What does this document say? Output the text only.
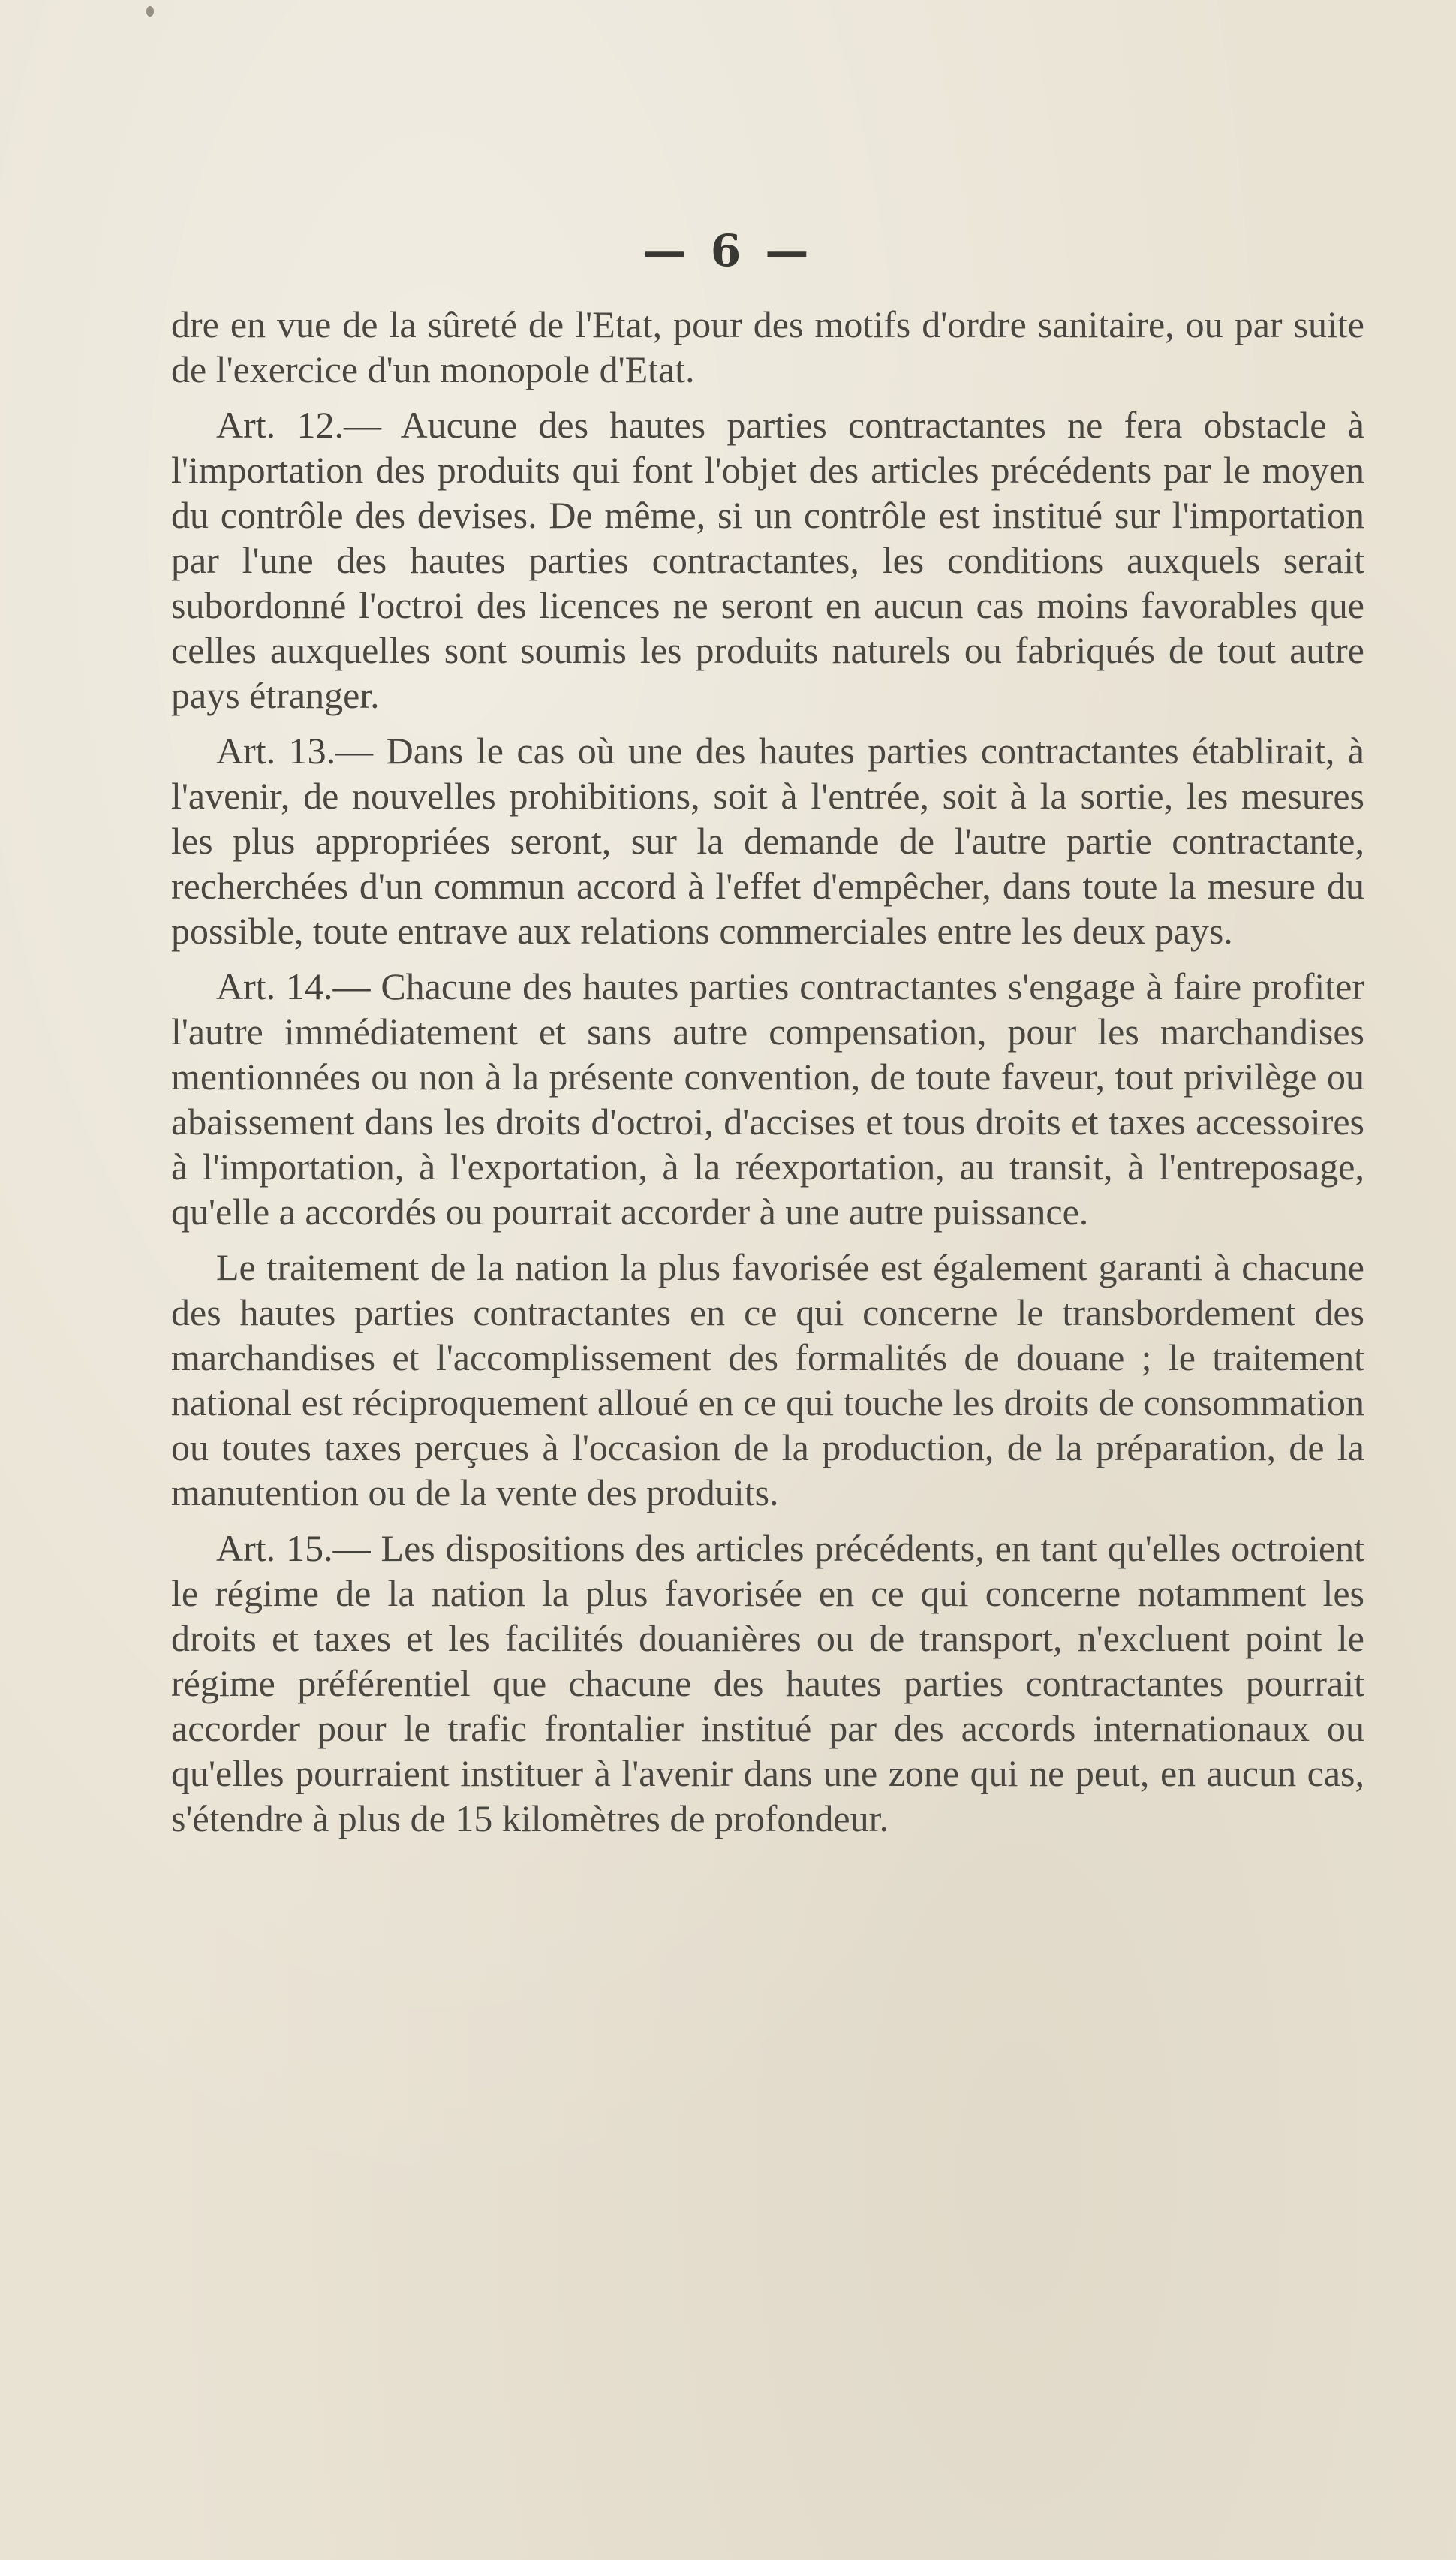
— 6 —

dre en vue de la sûreté de l'Etat, pour des motifs d'ordre sanitaire, ou par suite de l'exercice d'un monopole d'Etat.

Art. 12.— Aucune des hautes parties contractantes ne fera obstacle à l'importation des produits qui font l'objet des articles précédents par le moyen du contrôle des devises. De même, si un contrôle est institué sur l'importation par l'une des hautes parties contractantes, les conditions auxquels serait subordonné l'octroi des licences ne seront en aucun cas moins favorables que celles auxquelles sont soumis les produits naturels ou fabriqués de tout autre pays étranger.

Art. 13.— Dans le cas où une des hautes parties contractantes établirait, à l'avenir, de nouvelles prohibitions, soit à l'entrée, soit à la sortie, les mesures les plus appropriées seront, sur la demande de l'autre partie contractante, recherchées d'un commun accord à l'effet d'empêcher, dans toute la mesure du possible, toute entrave aux relations commerciales entre les deux pays.

Art. 14.— Chacune des hautes parties contractantes s'engage à faire profiter l'autre immédiatement et sans autre compensation, pour les marchandises mentionnées ou non à la présente convention, de toute faveur, tout privilège ou abaissement dans les droits d'octroi, d'accises et tous droits et taxes accessoires à l'importation, à l'exportation, à la réexportation, au transit, à l'entreposage, qu'elle a accordés ou pourrait accorder à une autre puissance.

Le traitement de la nation la plus favorisée est également garanti à chacune des hautes parties contractantes en ce qui concerne le transbordement des marchandises et l'accomplissement des formalités de douane ; le traitement national est réciproquement alloué en ce qui touche les droits de consommation ou toutes taxes perçues à l'occasion de la production, de la préparation, de la manutention ou de la vente des produits.

Art. 15.— Les dispositions des articles précédents, en tant qu'elles octroient le régime de la nation la plus favorisée en ce qui concerne notamment les droits et taxes et les facilités douanières ou de transport, n'excluent point le régime préférentiel que chacune des hautes parties contractantes pourrait accorder pour le trafic frontalier institué par des accords internationaux ou qu'elles pourraient instituer à l'avenir dans une zone qui ne peut, en aucun cas, s'étendre à plus de 15 kilomètres de profondeur.
